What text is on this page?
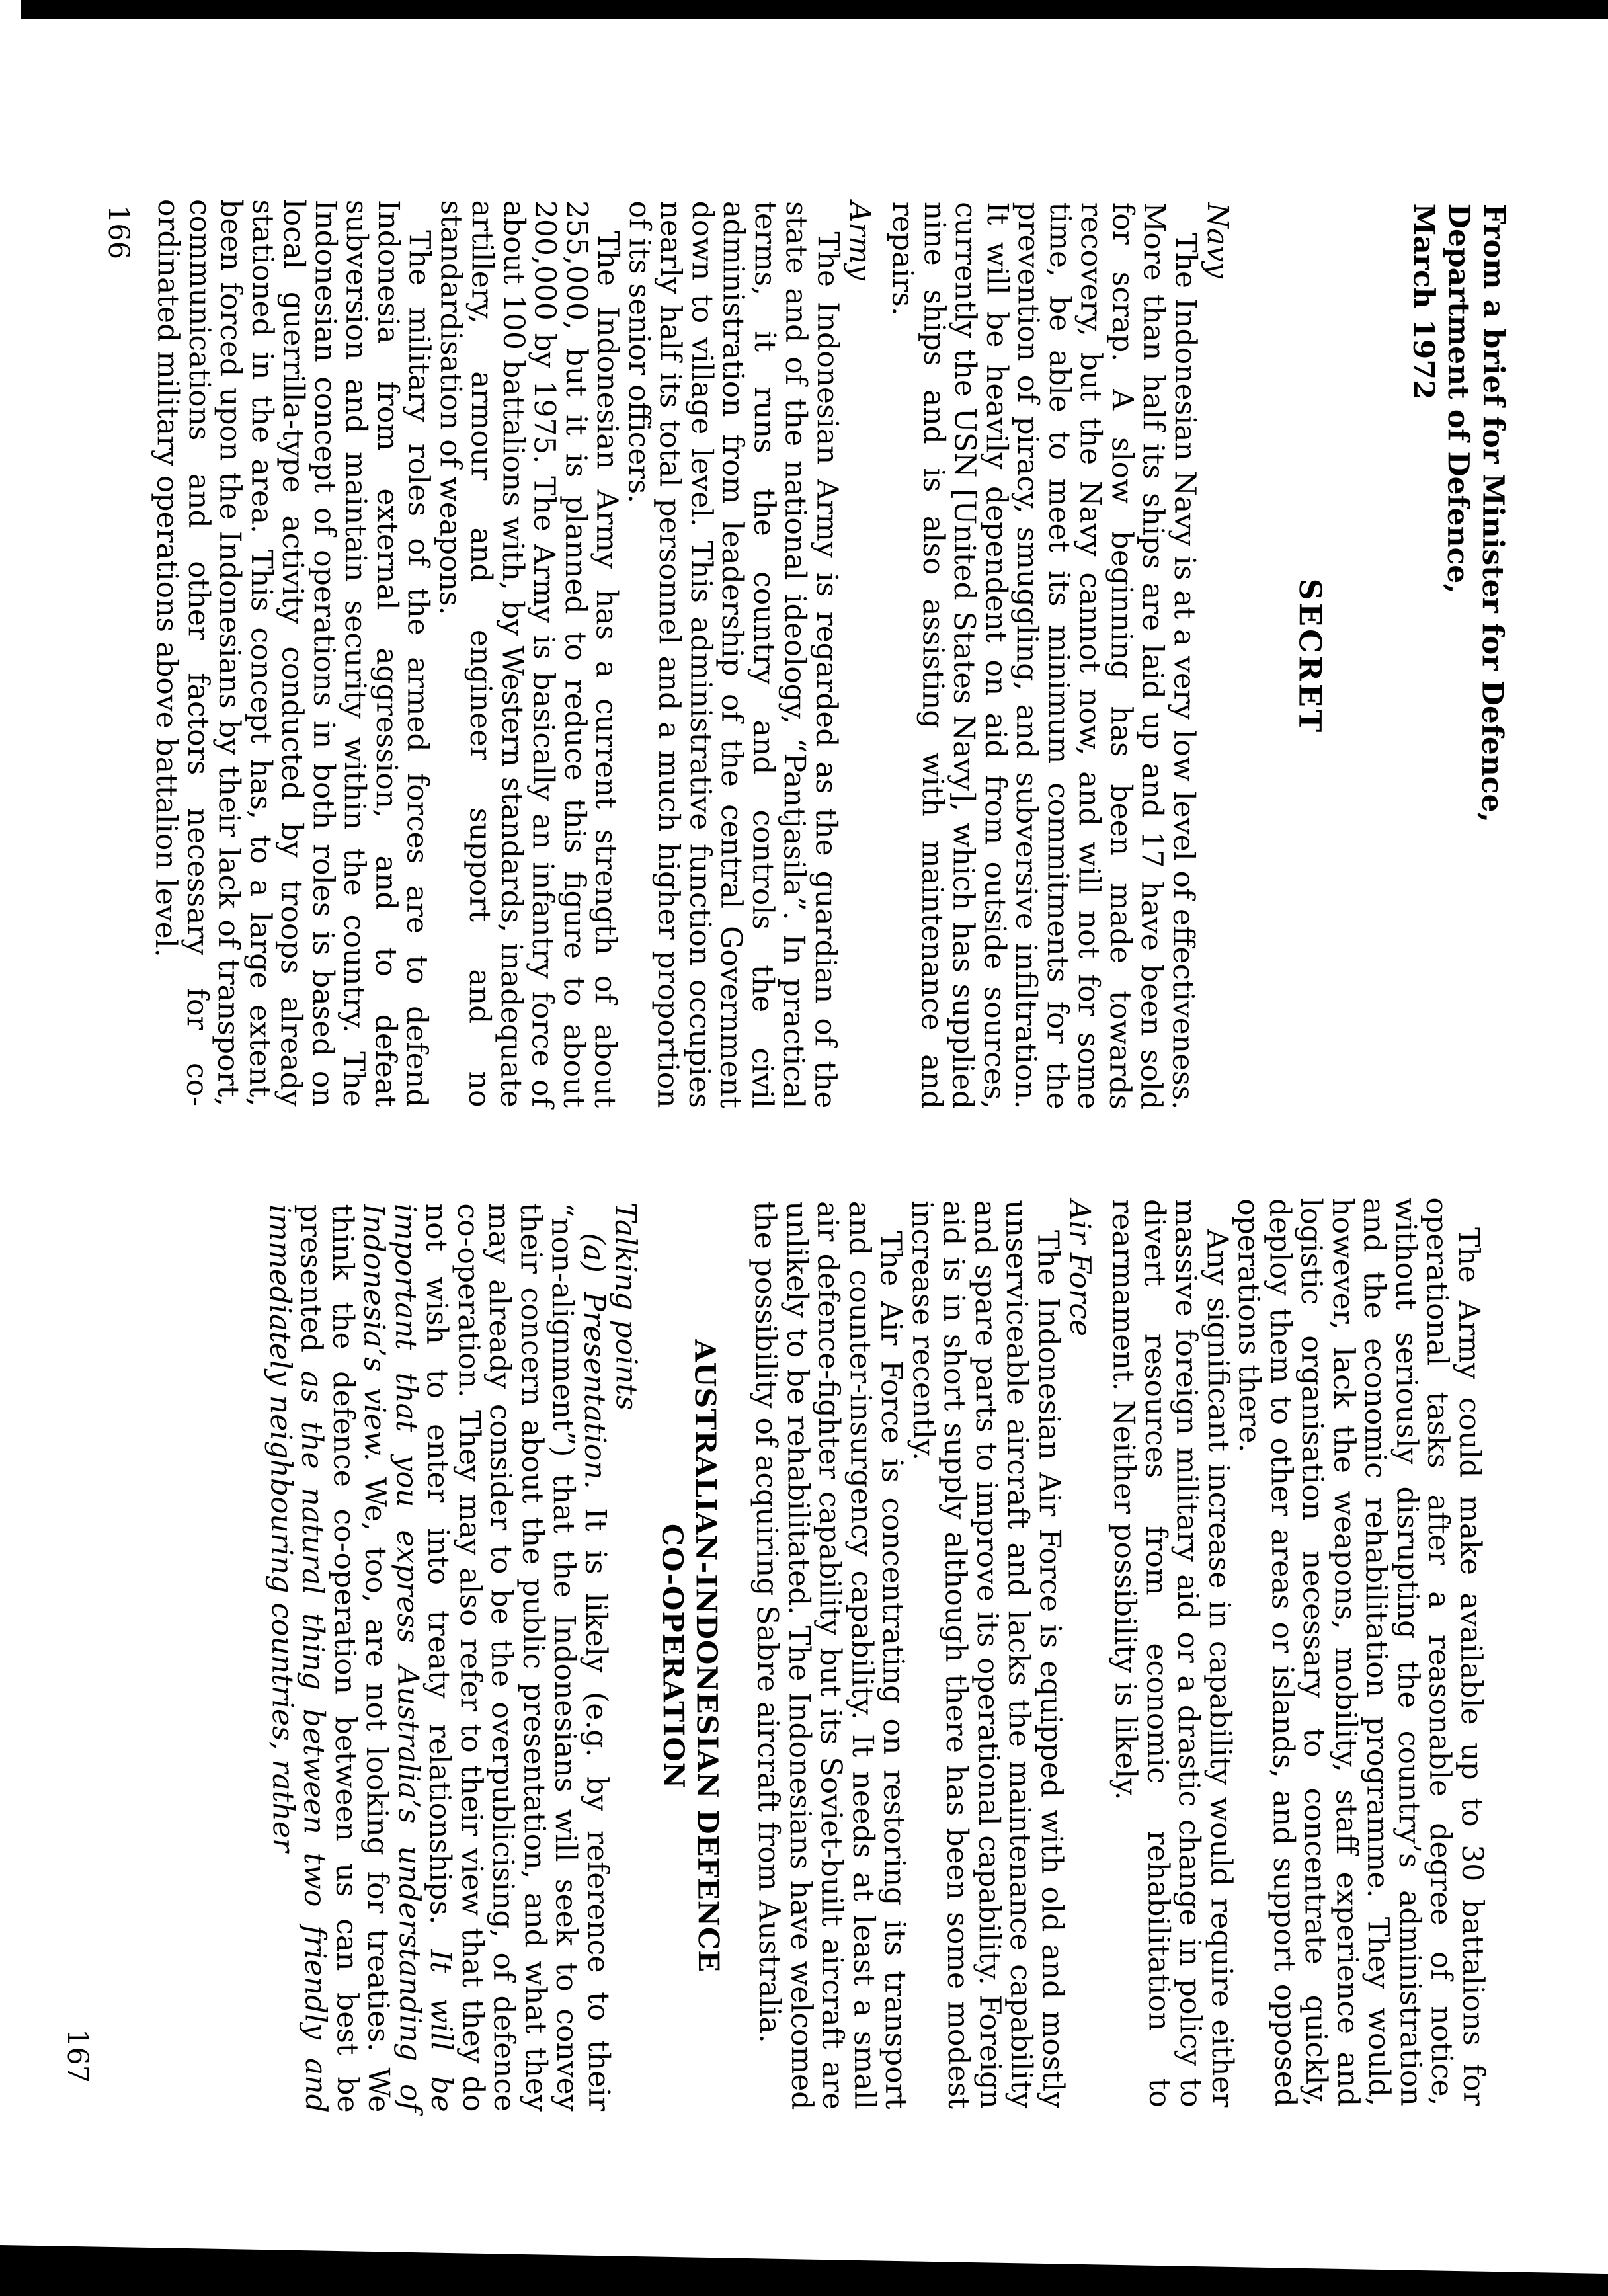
From a brief for Minister for Defence,
Department of Defence,
March 1972
SECRET
Navy

The Indonesian Navy is at a very low level of effectiveness. More than half its ships are laid up and 17 have been sold for scrap. A slow beginning has been made towards recovery, but the Navy cannot now, and will not for some time, be able to meet its minimum commitments for the prevention of piracy, smuggling, and subversive infiltration. It will be heavily dependent on aid from outside sources, currently the USN [United States Navy], which has supplied nine ships and is also assisting with maintenance and repairs.

Army

The Indonesian Army is regarded as the guardian of the state and of the national ideology, “Pantjasila”. In practical terms, it runs the country and controls the civil administration from leadership of the central Government down to village level. This administrative function occupies nearly half its total personnel and a much higher proportion of its senior officers.

The Indonesian Army has a current strength of about 255,000, but it is planned to reduce this figure to about 200,000 by 1975. The Army is basically an infantry force of about 100 battalions with, by Western standards, inadequate artillery, armour and engineer support and no standardisation of weapons.

The military roles of the armed forces are to defend Indonesia from external aggression, and to defeat subversion and maintain security within the country. The Indonesian concept of operations in both roles is based on local guerrilla-type activity conducted by troops already stationed in the area. This concept has, to a large extent, been forced upon the Indonesians by their lack of transport, communications and other factors necessary for co-ordinated military operations above battalion level.

166

The Army could make available up to 30 battalions for operational tasks after a reasonable degree of notice, without seriously disrupting the country’s administration and the economic rehabilitation programme. They would, however, lack the weapons, mobility, staff experience and logistic organisation necessary to concentrate quickly, deploy them to other areas or islands, and support opposed operations there.

Any significant increase in capability would require either massive foreign military aid or a drastic change in policy to divert resources from economic rehabilitation to rearmament. Neither possibility is likely.

Air Force

The Indonesian Air Force is equipped with old and mostly unserviceable aircraft and lacks the maintenance capability and spare parts to improve its operational capability. Foreign aid is in short supply although there has been some modest increase recently.

The Air Force is concentrating on restoring its transport and counter-insurgency capability. It needs at least a small air defence-fighter capability but its Soviet-built aircraft are unlikely to be rehabilitated. The Indonesians have welcomed the possibility of acquiring Sabre aircraft from Australia.

AUSTRALIAN-INDONESIAN DEFENCE
CO-OPERATION
Talking points

(a) Presentation. It is likely (e.g. by reference to their “non-alignment”) that the Indonesians will seek to convey their concern about the public presentation, and what they may already consider to be the overpublicising, of defence co-operation. They may also refer to their view that they do not wish to enter into treaty relationships. It will be important that you express Australia’s understanding of Indonesia’s view. We, too, are not looking for treaties. We think the defence co-operation between us can best be presented as the natural thing between two friendly and immediately neighbouring countries, rather

167
